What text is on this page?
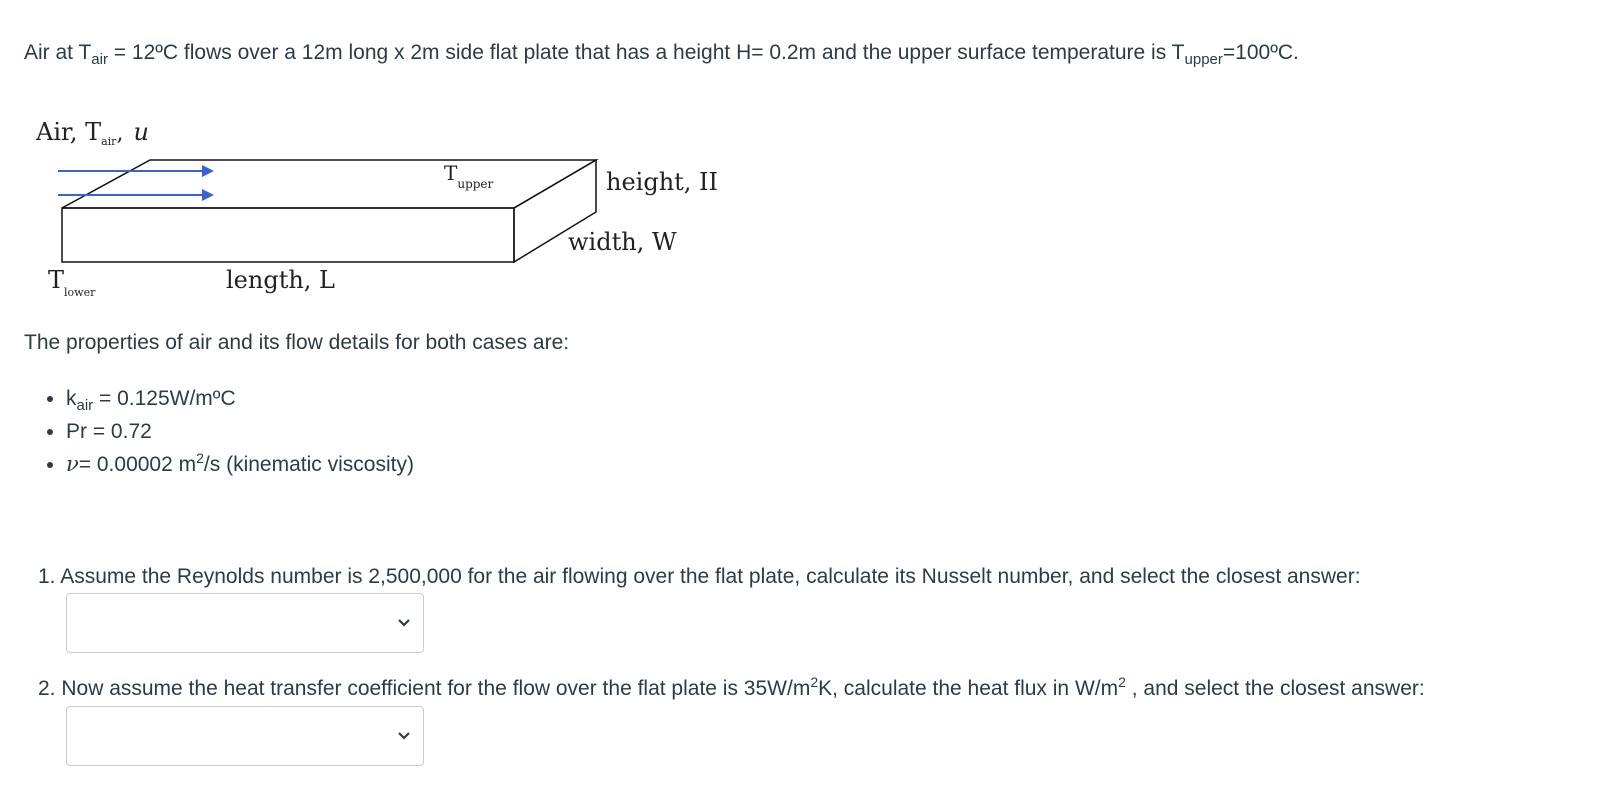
Air at $T_{air}$ = 12ºC flows over a 12m long x 2m side flat plate that has a height H= 0.2m and the upper surface temperature is $T_{upper}=100ºC$.
Air, $T_{air}$, u
$T_{upper}$	height, II
width, W
$T_{lower}$	length, L
The properties of air and its flow details for both cases are:
• $k_{air}$ = 0.125W/mºC
• Pr = 0.72
• ν= 0.00002 $m^2/s$ (kinematic viscosity)
1. Assume the Reynolds number is 2,500,000 for the air flowing over the flat plate, calculate its Nusselt number, and select the closest answer:
2. Now assume the heat transfer coefficient for the flow over the flat plate is $35W/m^2K$, calculate the heat flux in $W/m^2$ , and select the closest answer:
